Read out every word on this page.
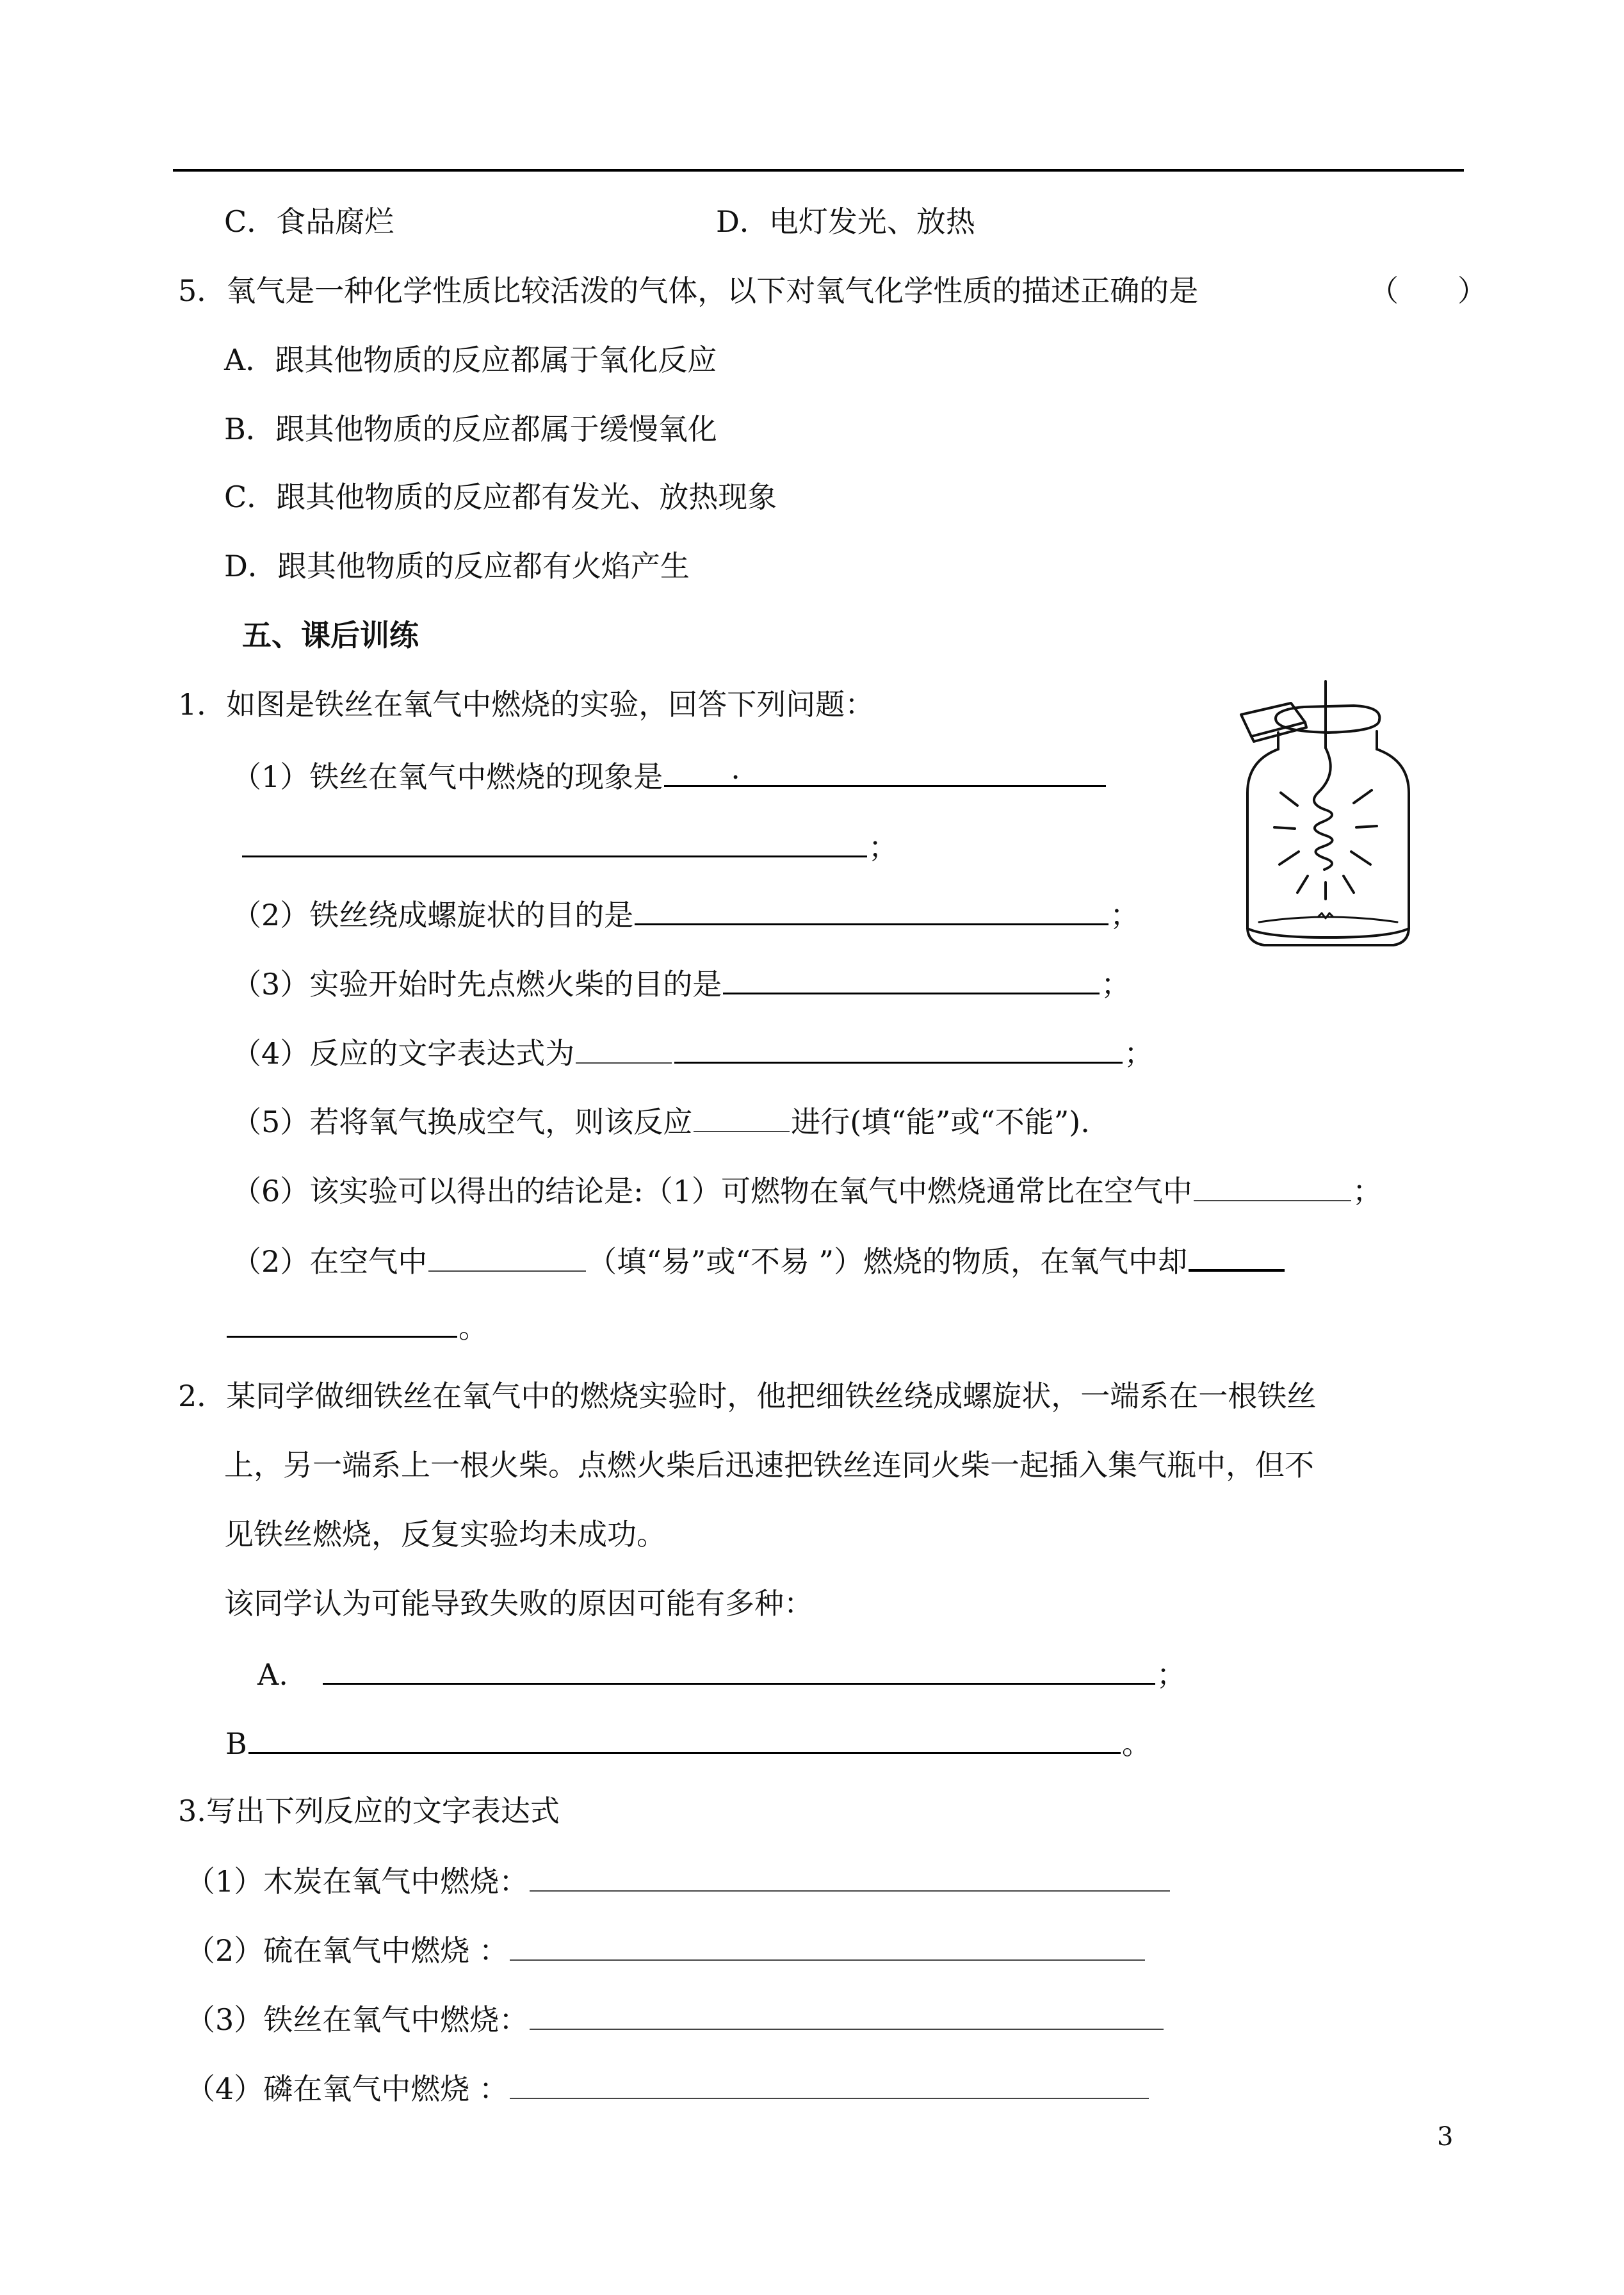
C．食品腐烂	D．电灯发光、放热
5．氧气是一种化学性质比较活泼的气体，以下对氧气化学性质的描述正确的是	（　　）
A．跟其他物质的反应都属于氧化反应
B．跟其他物质的反应都属于缓慢氧化
C．跟其他物质的反应都有发光、放热现象
D．跟其他物质的反应都有火焰产生
五、课后训练
1．如图是铁丝在氧气中燃烧的实验，回答下列问题：
（1）铁丝在氧气中燃烧的现象是 .
；
（2）铁丝绕成螺旋状的目的是	；
（3）实验开始时先点燃火柴的目的是	；
（4）反应的文字表达式为	；
（5）若将氧气换成空气，则该反应	进行(填“能”或“不能”).
（6）该实验可以得出的结论是:（1）可燃物在氧气中燃烧通常比在空气中	；
（2）在空气中	（填“易”或“不易 ”）燃烧的物质，在氧气中却
。
2．某同学做细铁丝在氧气中的燃烧实验时，他把细铁丝绕成螺旋状，一端系在一根铁丝
上，另一端系上一根火柴。点燃火柴后迅速把铁丝连同火柴一起插入集气瓶中，但不
见铁丝燃烧，反复实验均未成功。
该同学认为可能导致失败的原因可能有多种：
A.	；
B	。
3.写出下列反应的文字表达式
（1）木炭在氧气中燃烧：
（2）硫在氧气中燃烧 ：
（3）铁丝在氧气中燃烧：
（4）磷在氧气中燃烧 ：
3
